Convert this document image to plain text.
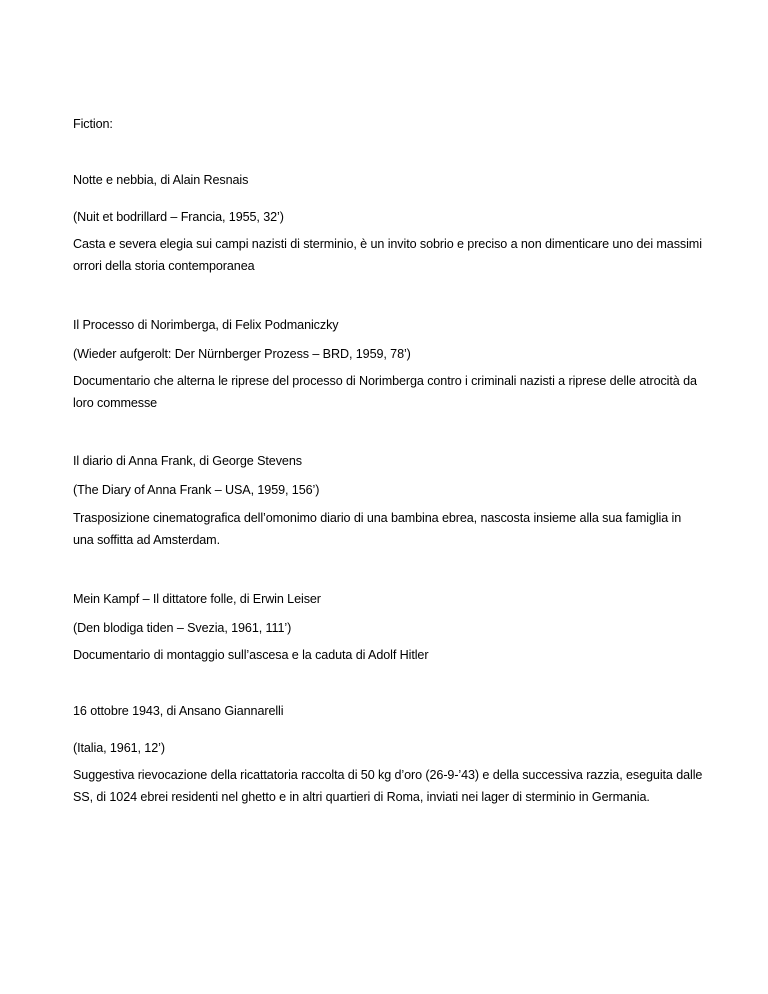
Fiction:
Notte e nebbia, di Alain Resnais
(Nuit et bodrillard – Francia, 1955, 32’)
Casta e severa elegia sui campi nazisti di sterminio, è un invito sobrio e preciso a non dimenticare uno dei massimi orrori della storia contemporanea
Il Processo di Norimberga, di Felix Podmaniczky
(Wieder aufgerolt: Der Nürnberger Prozess – BRD, 1959, 78’)
Documentario che alterna le riprese del processo di Norimberga contro i criminali nazisti a riprese delle atrocità da loro commesse
Il diario di Anna Frank, di George Stevens
(The Diary of Anna Frank – USA, 1959, 156’)
Trasposizione cinematografica dell’omonimo diario di una bambina ebrea, nascosta insieme alla sua famiglia in una soffitta ad Amsterdam.
Mein Kampf – Il dittatore folle, di Erwin Leiser
(Den blodiga tiden – Svezia, 1961, 111’)
Documentario di montaggio sull’ascesa e la caduta di Adolf Hitler
16 ottobre 1943, di Ansano Giannarelli
(Italia, 1961, 12’)
Suggestiva rievocazione della ricattatoria raccolta di 50 kg d’oro (26-9-’43) e della successiva razzia, eseguita dalle SS, di 1024 ebrei residenti nel ghetto e in altri quartieri di Roma, inviati nei lager di sterminio in Germania.
